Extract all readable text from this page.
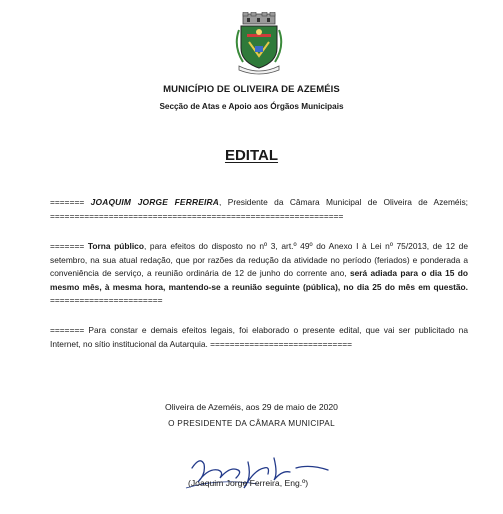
MUNICÍPIO DE OLIVEIRA DE AZEMÉIS
Secção de Atas e Apoio aos Órgãos Municipais
EDITAL

======= JOAQUIM JORGE FERREIRA, Presidente da Câmara Municipal de Oliveira de Azeméis; ============================================================

======= Torna público, para efeitos do disposto no nº 3, art.º 49º do Anexo I à Lei nº 75/2013, de 12 de setembro, na sua atual redação, que por razões da redução da atividade no período (feriados) e ponderada a conveniência de serviço, a reunião ordinária de 12 de junho do corrente ano, será adiada para o dia 15 do mesmo mês, à mesma hora, mantendo-se a reunião seguinte (pública), no dia 25 do mês em questão. =======================

======= Para constar e demais efeitos legais, foi elaborado o presente edital, que vai ser publicitado na Internet, no sítio institucional da Autarquia. =============================

Oliveira de Azeméis, aos 29 de maio de 2020
O PRESIDENTE DA CÂMARA MUNICIPAL
(Joaquim Jorge Ferreira, Eng.º)
